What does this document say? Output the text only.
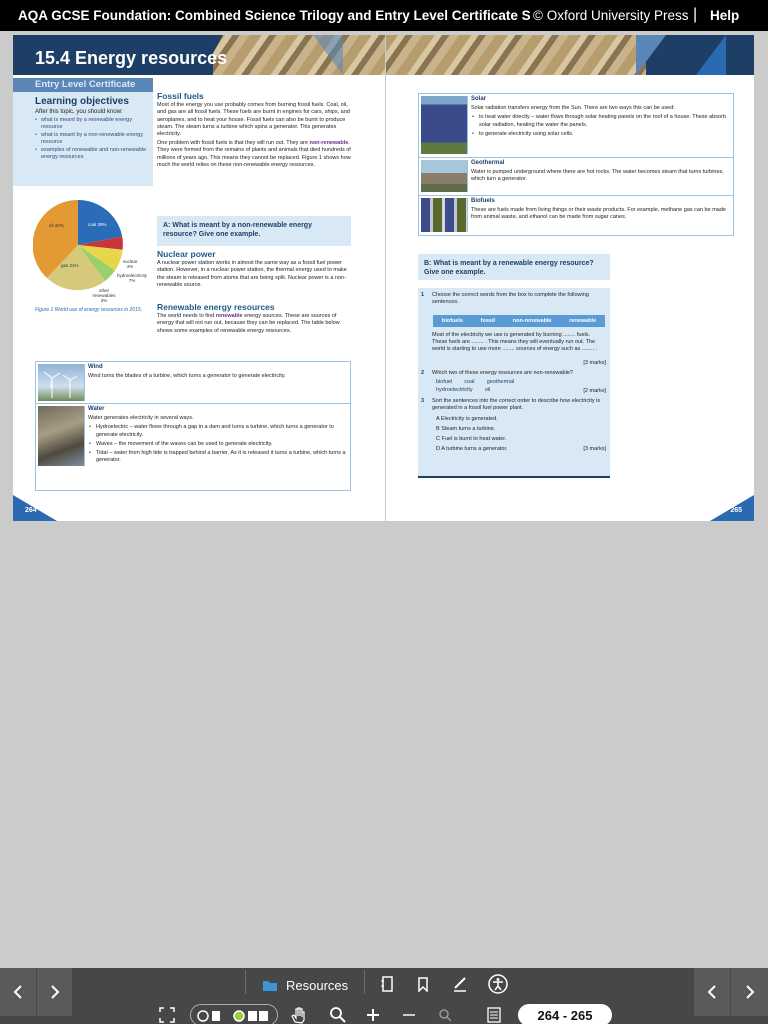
AQA GCSE Foundation: Combined Science Trilogy and Entry Level Certificate S © Oxford University Press | Help
15.4 Energy resources
Entry Level Certificate
Learning objectives
After this topic, you should know:
• what is meant by a renewable energy resource
• what is meant by a non-renewable energy resource
• examples of renewable and non-renewable energy resources
coal 28%
oil 32%
gas 21%
nuclear 4%
hydroelectricity 7%
other renewables 3%
Figure 1 World use of energy resources in 2015.
Fossil fuels

Most of the energy you use probably comes from burning fossil fuels. Coal, oil, and gas are all fossil fuels. These fuels are burnt in engines for cars, ships, and aeroplanes, and to heat your house. Fossil fuels can also be burnt to produce steam. The steam turns a turbine which spins a generator. This generates electricity.

One problem with fossil fuels is that they will run out. They are non-renewable. They were formed from the remains of plants and animals that died hundreds of millions of years ago. This means they cannot be replaced. Figure 1 shows how much the world relies on these non-renewable energy resources.

A: What is meant by a non-renewable energy resource? Give one example.
Nuclear power

A nuclear power station works in almost the same way as a fossil fuel power station. However, in a nuclear power station, the thermal energy used to make the steam is released from atoms that are being split. Nuclear power is a non-renewable source.

Renewable energy resources

The world needs to find renewable energy sources. These are sources of energy that will not run out, because they can be replaced. The table below shows some examples of renewable energy resources.

Wind
Wind turns the blades of a turbine, which turns a generator to generate electricity.
Water
Water generates electricity in several ways.
• Hydroelectric – water flows through a gap in a dam and turns a turbine, which turns a generator to generate electricity.
• Waves – the movement of the waves can be used to generate electricity.
• Tidal – water from high tide is trapped behind a barrier. As it is released it turns a turbine, which turns a generator.
264
Solar
Solar radiation transfers energy from the Sun. There are two ways this can be used:
• to heat water directly – water flows through solar heating panels on the roof of a house. These absorb solar radiation, heating the water the panels.
• to generate electricity using solar cells.
Geothermal
Water is pumped underground where there are hot rocks. The water becomes steam that turns turbines, which turn a generator.
Biofuels
These are fuels made from living things or their waste products. For example, methane gas can be made from animal waste, and ethanol can be made from sugar canes.
B: What is meant by a renewable energy resource? Give one example.
1 Choose the correct words from the box to complete the following sentences.
biofuels	fossil	non-renewable	renewable
Most of the electricity we use is generated by burning ........ fuels. These fuels are ........ . This means they will eventually run out. The world is starting to use more ........ sources of energy such as ........ .
[3 marks]
2 Which two of these energy resources are non-renewable?
biofuel        coal        geothermal
hydroelectricity        oil	[2 marks]
3 Sort the sentences into the correct order to describe how electricity is generated in a fossil fuel power plant.
A Electricity is generated.
B Steam turns a turbine.
C Fuel is burnt to heat water.
D A turbine turns a generator.	[3 marks]
265
Resources
264 - 265
